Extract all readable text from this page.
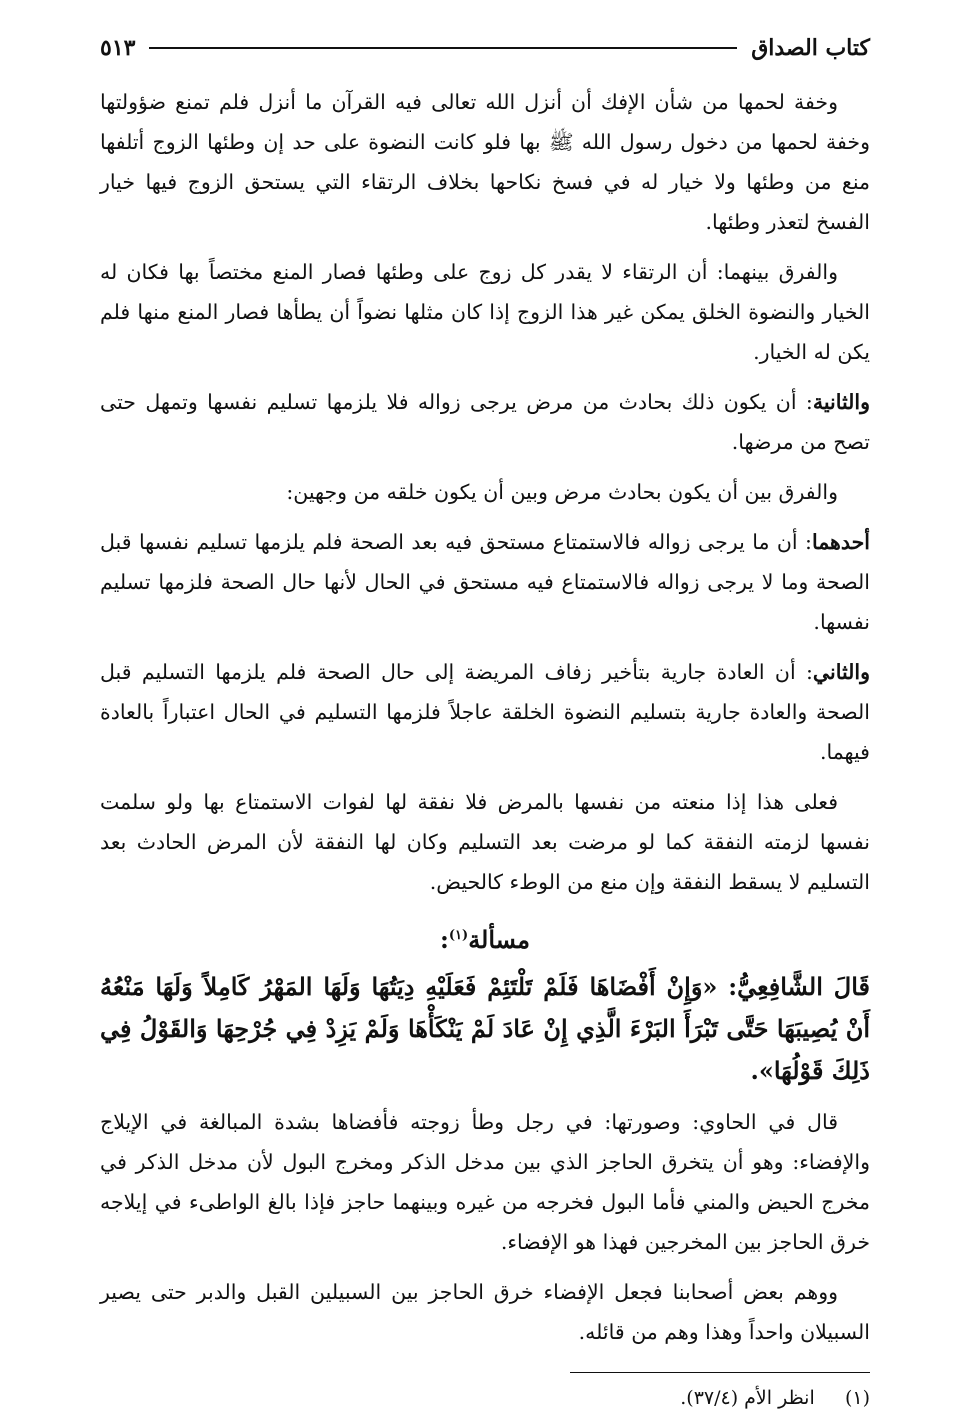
كتاب الصداق
٥١٣

وخفة لحمها من شأن الإفك أن أنزل الله تعالى فيه القرآن ما أنزل فلم تمنع ضؤولتها وخفة لحمها من دخول رسول الله ﷺ بها فلو كانت النضوة على حد إن وطئها الزوج أتلفها منع من وطئها ولا خيار له في فسخ نكاحها بخلاف الرتقاء التي يستحق الزوج فيها خيار الفسخ لتعذر وطئها.

والفرق بينهما: أن الرتقاء لا يقدر كل زوج على وطئها فصار المنع مختصاً بها فكان له الخيار والنضوة الخلق يمكن غير هذا الزوج إذا كان مثلها نضواً أن يطأها فصار المنع منها فلم يكن له الخيار.

والثانية: أن يكون ذلك بحادث من مرض يرجى زواله فلا يلزمها تسليم نفسها وتمهل حتى تصح من مرضها.

والفرق بين أن يكون بحادث مرض وبين أن يكون خلقه من وجهين:

أحدهما: أن ما يرجى زواله فالاستمتاع مستحق فيه بعد الصحة فلم يلزمها تسليم نفسها قبل الصحة وما لا يرجى زواله فالاستمتاع فيه مستحق في الحال لأنها حال الصحة فلزمها تسليم نفسها.

والثاني: أن العادة جارية بتأخير زفاف المريضة إلى حال الصحة فلم يلزمها التسليم قبل الصحة والعادة جارية بتسليم النضوة الخلقة عاجلاً فلزمها التسليم في الحال اعتباراً بالعادة فيهما.

فعلى هذا إذا منعته من نفسها بالمرض فلا نفقة لها لفوات الاستمتاع بها ولو سلمت نفسها لزمته النفقة كما لو مرضت بعد التسليم وكان لها النفقة لأن المرض الحادث بعد التسليم لا يسقط النفقة وإن منع من الوطء كالحيض.

مسألة$^{(١)}$:

قَالَ الشَّافِعِيُّ: «وَإِنْ أَفْضَاهَا فَلَمْ تَلْتَئِمْ فَعَلَيْهِ دِيَتُهَا وَلَهَا المَهْرُ كَامِلاً وَلَهَا مَنْعُهُ أَنْ يُصِيبَهَا حَتَّى تَبْرَأَ البَرْءَ الَّذِي إِنْ عَادَ لَمْ يَنْكَأْهَا وَلَمْ يَزِدْ فِي جُرْحِهَا وَالقَوْلُ فِي ذَلِكَ قَوْلُهَا».

قال في الحاوي: وصورتها: في رجل وطأ زوجته فأفضاها بشدة المبالغة في الإيلاج والإفضاء: وهو أن يتخرق الحاجز الذي بين مدخل الذكر ومخرج البول لأن مدخل الذكر في مخرج الحيض والمني فأما البول فخرجه من غيره وبينهما حاجز فإذا بالغ الواطىء في إيلاجه خرق الحاجز بين المخرجين فهذا هو الإفضاء.

ووهم بعض أصحابنا فجعل الإفضاء خرق الحاجز بين السبيلين القبل والدبر حتى يصير السبيلان واحداً وهذا وهم من قائله.

(١)     انظر الأم (٣٧/٤).
